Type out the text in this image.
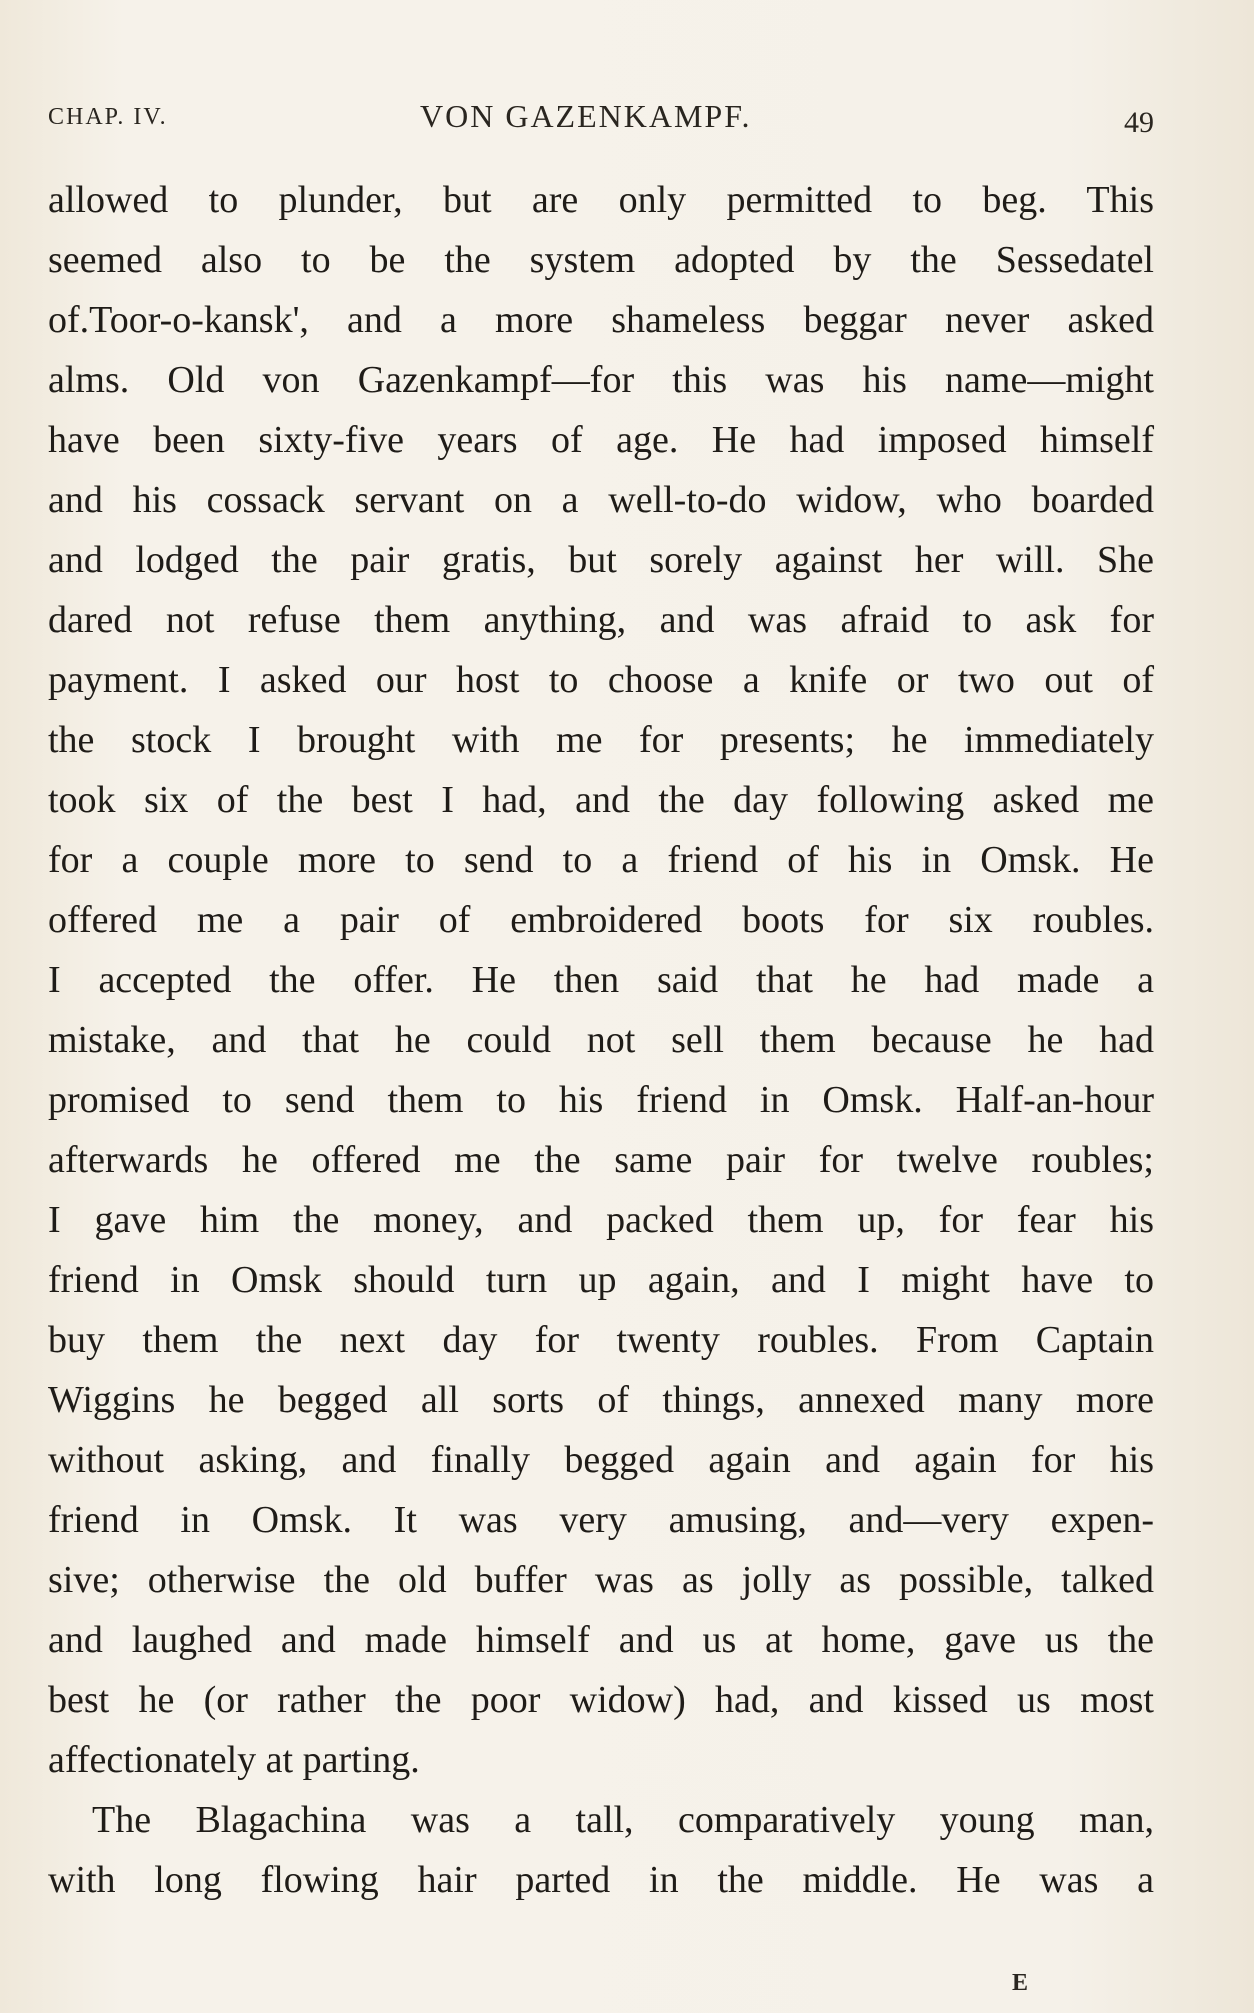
CHAP. IV.	VON GAZENKAMPF.	49
allowed to plunder, but are only permitted to beg. This
seemed also to be the system adopted by the Sessedatel
of.Toor-o-kansk', and a more shameless beggar never asked
alms. Old von Gazenkampf—for this was his name—might
have been sixty-five years of age. He had imposed himself
and his cossack servant on a well-to-do widow, who boarded
and lodged the pair gratis, but sorely against her will. She
dared not refuse them anything, and was afraid to ask for
payment. I asked our host to choose a knife or two out of
the stock I brought with me for presents; he immediately
took six of the best I had, and the day following asked me
for a couple more to send to a friend of his in Omsk. He
offered me a pair of embroidered boots for six roubles.
I accepted the offer. He then said that he had made a
mistake, and that he could not sell them because he had
promised to send them to his friend in Omsk. Half-an-hour
afterwards he offered me the same pair for twelve roubles;
I gave him the money, and packed them up, for fear his
friend in Omsk should turn up again, and I might have to
buy them the next day for twenty roubles. From Captain
Wiggins he begged all sorts of things, annexed many more
without asking, and finally begged again and again for his
friend in Omsk. It was very amusing, and—very expen-
sive; otherwise the old buffer was as jolly as possible, talked
and laughed and made himself and us at home, gave us the
best he (or rather the poor widow) had, and kissed us most
affectionately at parting.
The Blagachina was a tall, comparatively young man,
with long flowing hair parted in the middle. He was a
E
